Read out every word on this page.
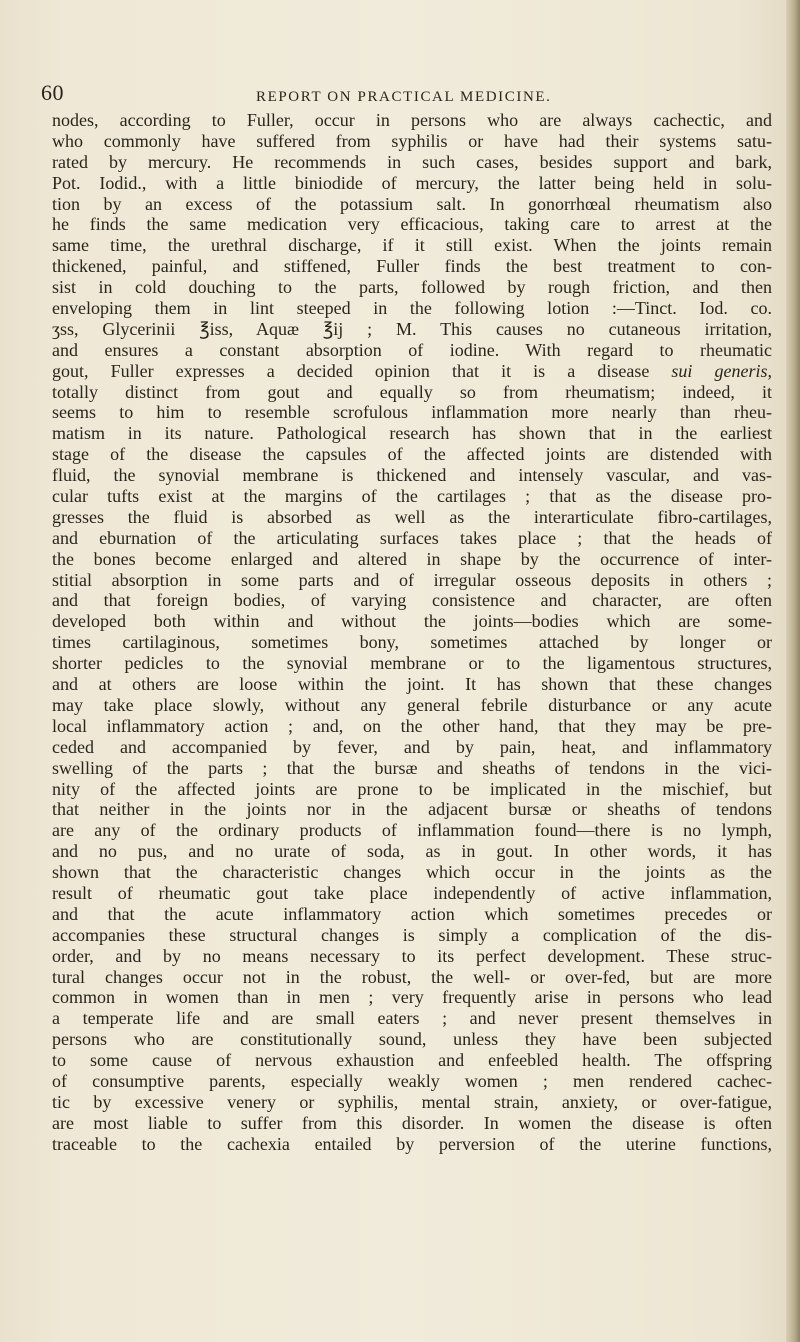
60	REPORT ON PRACTICAL MEDICINE.
nodes, according to Fuller, occur in persons who are always cachectic, and
who commonly have suffered from syphilis or have had their systems satu-
rated by mercury. He recommends in such cases, besides support and bark,
Pot. Iodid., with a little biniodide of mercury, the latter being held in solu-
tion by an excess of the potassium salt. In gonorrhœal rheumatism also
he finds the same medication very efficacious, taking care to arrest at the
same time, the urethral discharge, if it still exist. When the joints remain
thickened, painful, and stiffened, Fuller finds the best treatment to con-
sist in cold douching to the parts, followed by rough friction, and then
enveloping them in lint steeped in the following lotion :—Tinct. Iod. co.
ʒss, Glycerinii ℥iss, Aquæ ℥ij ; M. This causes no cutaneous irritation,
and ensures a constant absorption of iodine. With regard to rheumatic
gout, Fuller expresses a decided opinion that it is a disease sui generis,
totally distinct from gout and equally so from rheumatism; indeed, it
seems to him to resemble scrofulous inflammation more nearly than rheu-
matism in its nature. Pathological research has shown that in the earliest
stage of the disease the capsules of the affected joints are distended with
fluid, the synovial membrane is thickened and intensely vascular, and vas-
cular tufts exist at the margins of the cartilages ; that as the disease pro-
gresses the fluid is absorbed as well as the interarticulate fibro-cartilages,
and eburnation of the articulating surfaces takes place ; that the heads of
the bones become enlarged and altered in shape by the occurrence of inter-
stitial absorption in some parts and of irregular osseous deposits in others ;
and that foreign bodies, of varying consistence and character, are often
developed both within and without the joints—bodies which are some-
times cartilaginous, sometimes bony, sometimes attached by longer or
shorter pedicles to the synovial membrane or to the ligamentous structures,
and at others are loose within the joint. It has shown that these changes
may take place slowly, without any general febrile disturbance or any acute
local inflammatory action ; and, on the other hand, that they may be pre-
ceded and accompanied by fever, and by pain, heat, and inflammatory
swelling of the parts ; that the bursæ and sheaths of tendons in the vici-
nity of the affected joints are prone to be implicated in the mischief, but
that neither in the joints nor in the adjacent bursæ or sheaths of tendons
are any of the ordinary products of inflammation found—there is no lymph,
and no pus, and no urate of soda, as in gout. In other words, it has
shown that the characteristic changes which occur in the joints as the
result of rheumatic gout take place independently of active inflammation,
and that the acute inflammatory action which sometimes precedes or
accompanies these structural changes is simply a complication of the dis-
order, and by no means necessary to its perfect development. These struc-
tural changes occur not in the robust, the well- or over-fed, but are more
common in women than in men ; very frequently arise in persons who lead
a temperate life and are small eaters ; and never present themselves in
persons who are constitutionally sound, unless they have been subjected
to some cause of nervous exhaustion and enfeebled health. The offspring
of consumptive parents, especially weakly women ; men rendered cachec-
tic by excessive venery or syphilis, mental strain, anxiety, or over-fatigue,
are most liable to suffer from this disorder. In women the disease is often
traceable to the cachexia entailed by perversion of the uterine functions,
